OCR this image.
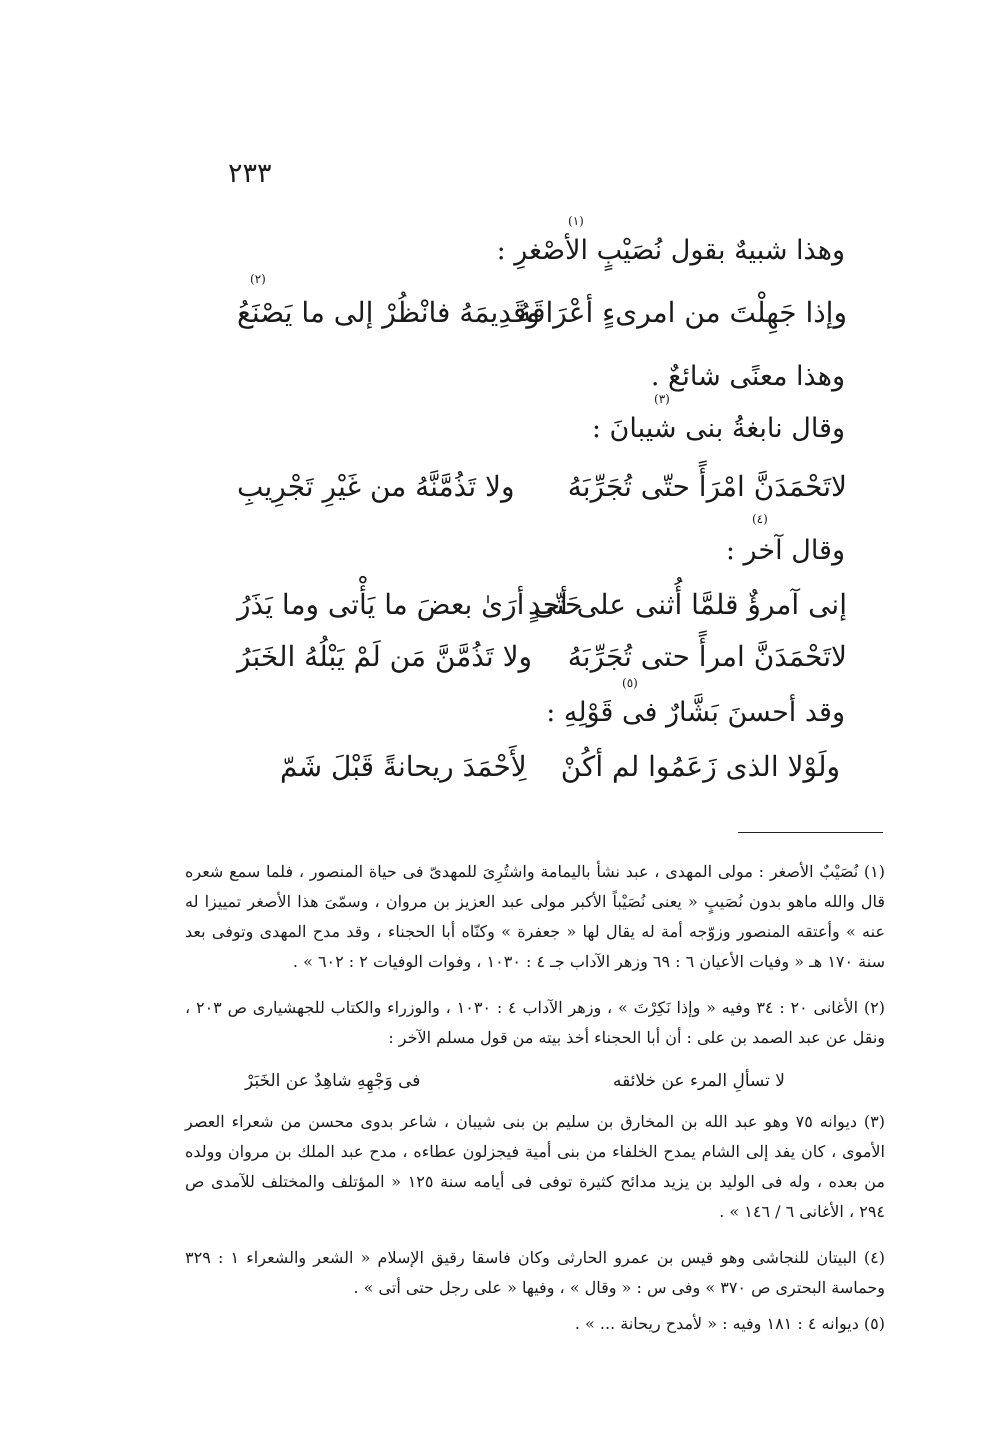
٢٣٣
وهذا شبيهٌ بقول نُصَيْبٍ الأصْغرِ :
(١)
وإذا جَهِلْتَ من امرىءٍ أعْرَاقَهُ
وقَدِيمَهُ فانْظُرْ إلى ما يَصْنَعُ
(٢)
وهذا معنًى شائعٌ .
وقال نابغةُ بنى شيبانَ :
(٣)
لاتَحْمَدَنَّ امْرَأً حتّى تُجَرِّبَهُ
ولا تَذُمَّنَّهُ من غَيْرِ تَجْرِيبِ
وقال آخر :
(٤)
إنى آمرؤٌ قلمَّا أُثنى على أحدٍ
حَتّى أرَىٰ بعضَ ما يَأْتى وما يَذَرُ
لاتَحْمَدَنَّ امرأً حتى تُجَرِّبَهُ
ولا تَذُمَّنَّ مَن لَمْ يَبْلُهُ الخَبَرُ
وقد أحسنَ بَشَّارٌ فى قَوْلِهِ :
(٥)
ولَوْلا الذى زَعَمُوا لم أكُنْ
لِأَحْمَدَ ريحانةً قَبْلَ شَمّ
(١) نُصَيْبٌ الأصغر : مولى المهدى ، عبد نشأ باليمامة واشتُرِىَ للمهدىّ فى حياة المنصور ، فلما سمع شعره قال والله ماهو بدون نُصَيبٍ « يعنى نُصَيْباً الأكبر مولى عبد العزيز بن مروان ، وسمّىَ هذا الأصغر تمييزا له عنه » وأعتقه المنصور وزوّجه أمة له يقال لها « جعفرة » وكنّاه أبا الحجناء ، وقد مدح المهدى وتوفى بعد سنة ١٧٠ هـ « وفيات الأعيان ٦ : ٦٩ وزهر الآداب جـ ٤ : ١٠٣٠ ، وفوات الوفيات ٢ : ٦٠٢ » .
(٢) الأغانى ٢٠ : ٣٤ وفيه « وإذا نَكِرْتَ » ، وزهر الآداب ٤ : ١٠٣٠ ، والوزراء والكتاب للجهشيارى ص ٢٠٣ ، ونقل عن عبد الصمد بن على : أن أبا الحجناء أخذ بيته من قول مسلم الآخر :
لا تسألِ المرء عن خلائقه
فى وَجْهِهِ شاهِدٌ عن الخَبَرْ
(٣) ديوانه ٧٥ وهو عبد الله بن المخارق بن سليم بن بنى شيبان ، شاعر بدوى محسن من شعراء العصر الأموى ، كان يفد إلى الشام يمدح الخلفاء من بنى أمية فيجزلون عطاءه ، مدح عبد الملك بن مروان وولده من بعده ، وله فى الوليد بن يزيد مدائح كثيرة توفى فى أيامه سنة ١٢٥ « المؤتلف والمختلف للآمدى ص ٢٩٤ ، الأغانى ٦ / ١٤٦ » .
(٤) البيتان للنجاشى وهو قيس بن عمرو الحارثى وكان فاسقا رقيق الإسلام « الشعر والشعراء ١ : ٣٢٩ وحماسة البحترى ص ٣٧٠ » وفى س : « وقال » ، وفيها « على رجل حتى أتى » .
(٥) ديوانه ٤ : ١٨١ وفيه : « لأمدح ريحانة ... » .
